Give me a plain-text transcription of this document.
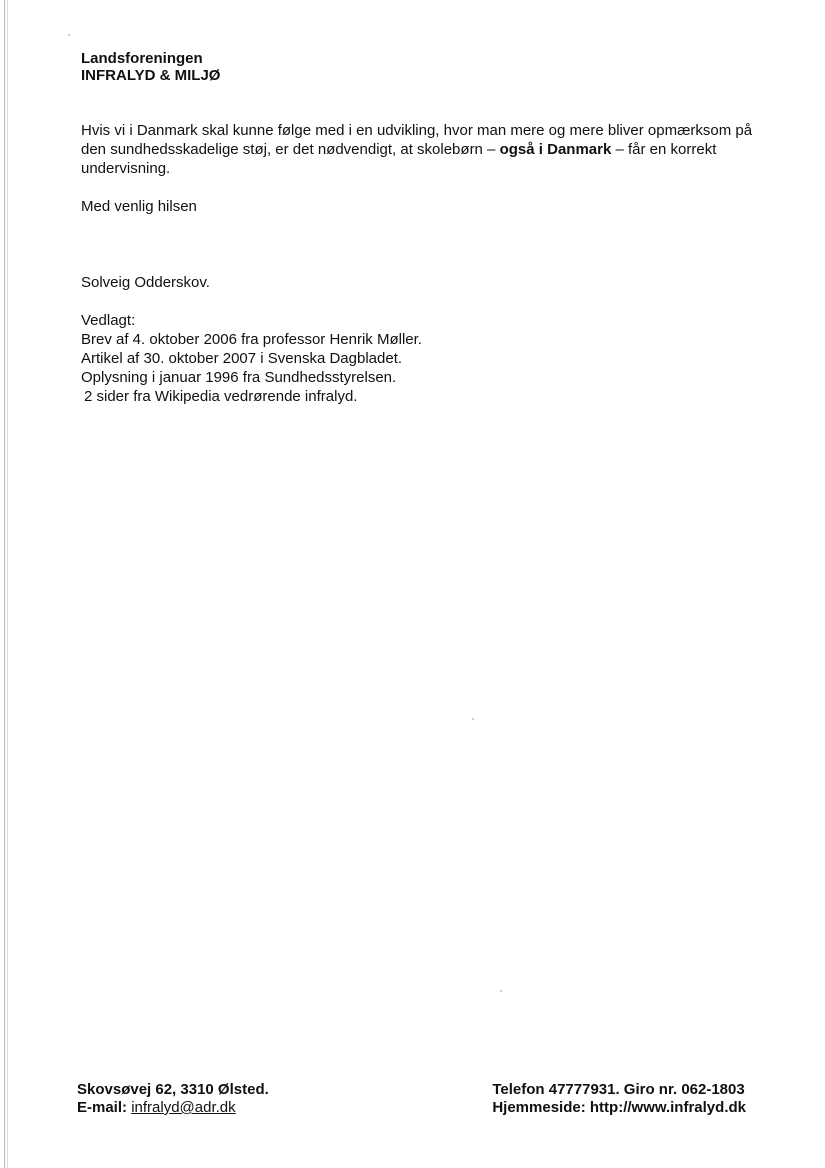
Landsforeningen
INFRALYD & MILJØ

Hvis vi i Danmark skal kunne følge med i en udvikling, hvor man mere og mere bliver opmærksom på den sundhedsskadelige støj, er det nødvendigt, at skolebørn – også i Danmark – får en korrekt undervisning.

Med venlig hilsen

Solveig Odderskov.

Vedlagt:
Brev af 4. oktober 2006 fra professor Henrik Møller.
Artikel af 30. oktober 2007 i Svenska Dagbladet.
Oplysning i januar 1996 fra Sundhedsstyrelsen.
2 sider fra Wikipedia vedrørende infralyd.
Skovsøvej 62, 3310 Ølsted.
E-mail: infralyd@adr.dk
Telefon 47777931. Giro nr. 062-1803
Hjemmeside: http://www.infralyd.dk
